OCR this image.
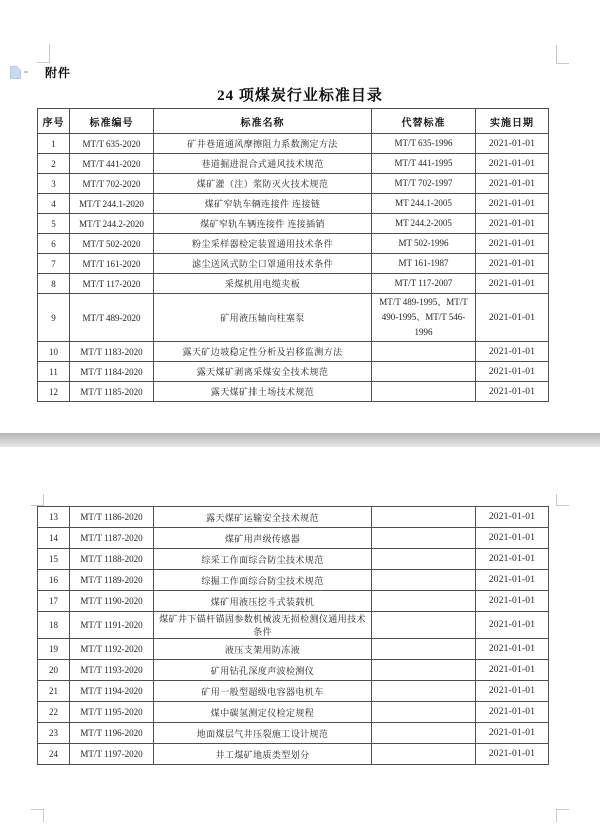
附件
24 项煤炭行业标准目录
序号	标准编号	标准名称	代替标准	实施日期
1	MT/T 635-2020	矿井巷道通风摩擦阻力系数测定方法	MT/T 635-1996	2021-01-01
2	MT/T 441-2020	巷道掘进混合式通风技术规范	MT/T 441-1995	2021-01-01
3	MT/T 702-2020	煤矿灌（注）浆防灭火技术规范	MT/T 702-1997	2021-01-01
4	MT/T 244.1-2020	煤矿窄轨车辆连接件 连接链	MT 244.1-2005	2021-01-01
5	MT/T 244.2-2020	煤矿窄轨车辆连接件 连接插销	MT 244.2-2005	2021-01-01
6	MT/T 502-2020	粉尘采样器检定装置通用技术条件	MT 502-1996	2021-01-01
7	MT/T 161-2020	滤尘送风式防尘口罩通用技术条件	MT 161-1987	2021-01-01
8	MT/T 117-2020	采煤机用电缆夹板	MT/T 117-2007	2021-01-01
9	MT/T 489-2020	矿用液压轴向柱塞泵	MT/T 489-1995、MT/T 490-1995、MT/T 546-1996	2021-01-01
10	MT/T 1183-2020	露天矿边坡稳定性分析及岩移监测方法		2021-01-01
11	MT/T 1184-2020	露天煤矿剥离采煤安全技术规范		2021-01-01
12	MT/T 1185-2020	露天煤矿排土场技术规范		2021-01-01
13	MT/T 1186-2020	露天煤矿运输安全技术规范		2021-01-01
14	MT/T 1187-2020	煤矿用声级传感器		2021-01-01
15	MT/T 1188-2020	综采工作面综合防尘技术规范		2021-01-01
16	MT/T 1189-2020	综掘工作面综合防尘技术规范		2021-01-01
17	MT/T 1190-2020	煤矿用液压挖斗式装载机		2021-01-01
18	MT/T 1191-2020	煤矿井下锚杆锚固参数机械波无损检测仪通用技术条件		2021-01-01
19	MT/T 1192-2020	液压支架用防冻液		2021-01-01
20	MT/T 1193-2020	矿用钻孔深度声波检测仪		2021-01-01
21	MT/T 1194-2020	矿用一般型超级电容器电机车		2021-01-01
22	MT/T 1195-2020	煤中碳氢测定仪检定规程		2021-01-01
23	MT/T 1196-2020	地面煤层气井压裂施工设计规范		2021-01-01
24	MT/T 1197-2020	井工煤矿地质类型划分		2021-01-01
